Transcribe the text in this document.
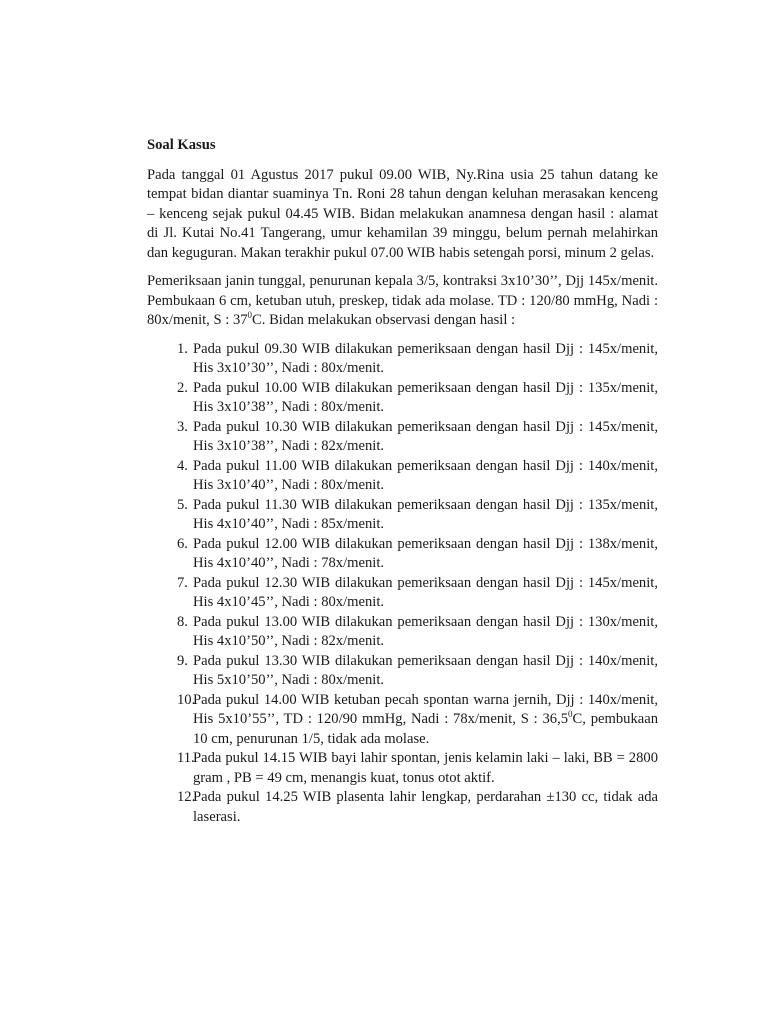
Soal Kasus

Pada tanggal 01 Agustus 2017 pukul 09.00 WIB, Ny.Rina usia 25 tahun datang ke tempat bidan diantar suaminya Tn. Roni 28 tahun dengan keluhan merasakan kenceng – kenceng sejak pukul 04.45 WIB. Bidan melakukan anamnesa dengan hasil : alamat di Jl. Kutai No.41 Tangerang, umur kehamilan 39 minggu, belum pernah melahirkan dan keguguran. Makan terakhir pukul 07.00 WIB habis setengah porsi, minum 2 gelas.

Pemeriksaan janin tunggal, penurunan kepala 3/5, kontraksi 3x10’30’’, Djj 145x/menit. Pembukaan 6 cm, ketuban utuh, preskep, tidak ada molase. TD : 120/80 mmHg, Nadi : 80x/menit, S : $37^0C$. Bidan melakukan observasi dengan hasil :

1. Pada pukul 09.30 WIB dilakukan pemeriksaan dengan hasil Djj : 145x/menit, His 3x10’30’’, Nadi : 80x/menit.
2. Pada pukul 10.00 WIB dilakukan pemeriksaan dengan hasil Djj : 135x/menit, His 3x10’38’’, Nadi : 80x/menit.
3. Pada pukul 10.30 WIB dilakukan pemeriksaan dengan hasil Djj : 145x/menit, His 3x10’38’’, Nadi : 82x/menit.
4. Pada pukul 11.00 WIB dilakukan pemeriksaan dengan hasil Djj : 140x/menit, His 3x10’40’’, Nadi : 80x/menit.
5. Pada pukul 11.30 WIB dilakukan pemeriksaan dengan hasil Djj : 135x/menit, His 4x10’40’’, Nadi : 85x/menit.
6. Pada pukul 12.00 WIB dilakukan pemeriksaan dengan hasil Djj : 138x/menit, His 4x10’40’’, Nadi : 78x/menit.
7. Pada pukul 12.30 WIB dilakukan pemeriksaan dengan hasil Djj : 145x/menit, His 4x10’45’’, Nadi : 80x/menit.
8. Pada pukul 13.00 WIB dilakukan pemeriksaan dengan hasil Djj : 130x/menit, His 4x10’50’’, Nadi : 82x/menit.
9. Pada pukul 13.30 WIB dilakukan pemeriksaan dengan hasil Djj : 140x/menit, His 5x10’50’’, Nadi : 80x/menit.
10.
Pada pukul 14.00 WIB ketuban pecah spontan warna jernih, Djj : 140x/menit, His 5x10’55’’, TD : 120/90 mmHg, Nadi : 78x/menit, S : 36,5$^0$C, pembukaan 10 cm, penurunan 1/5, tidak ada molase.
11.
Pada pukul 14.15 WIB bayi lahir spontan, jenis kelamin laki – laki, BB = 2800 gram , PB = 49 cm, menangis kuat, tonus otot aktif.
12.
Pada pukul 14.25 WIB plasenta lahir lengkap, perdarahan ±130 cc, tidak ada laserasi.
